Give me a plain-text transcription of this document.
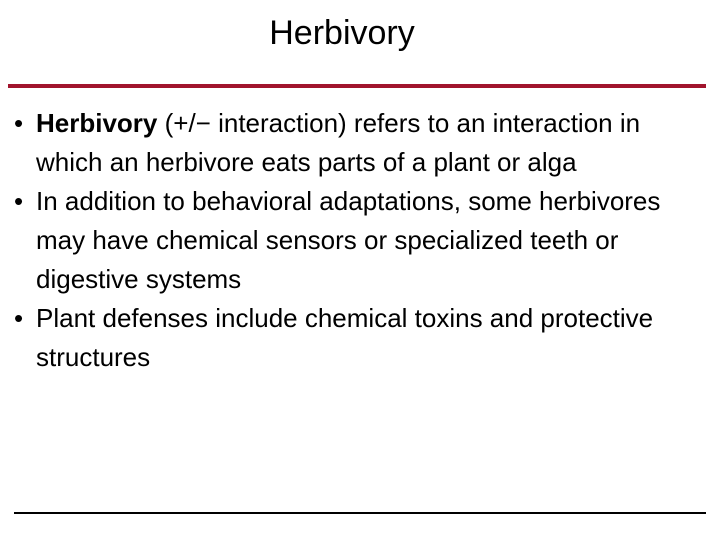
Herbivory
• Herbivory (+/− interaction) refers to an interaction in which an herbivore eats parts of a plant or alga
• In addition to behavioral adaptations, some herbivores may have chemical sensors or specialized teeth or digestive systems
• Plant defenses include chemical toxins and protective structures
